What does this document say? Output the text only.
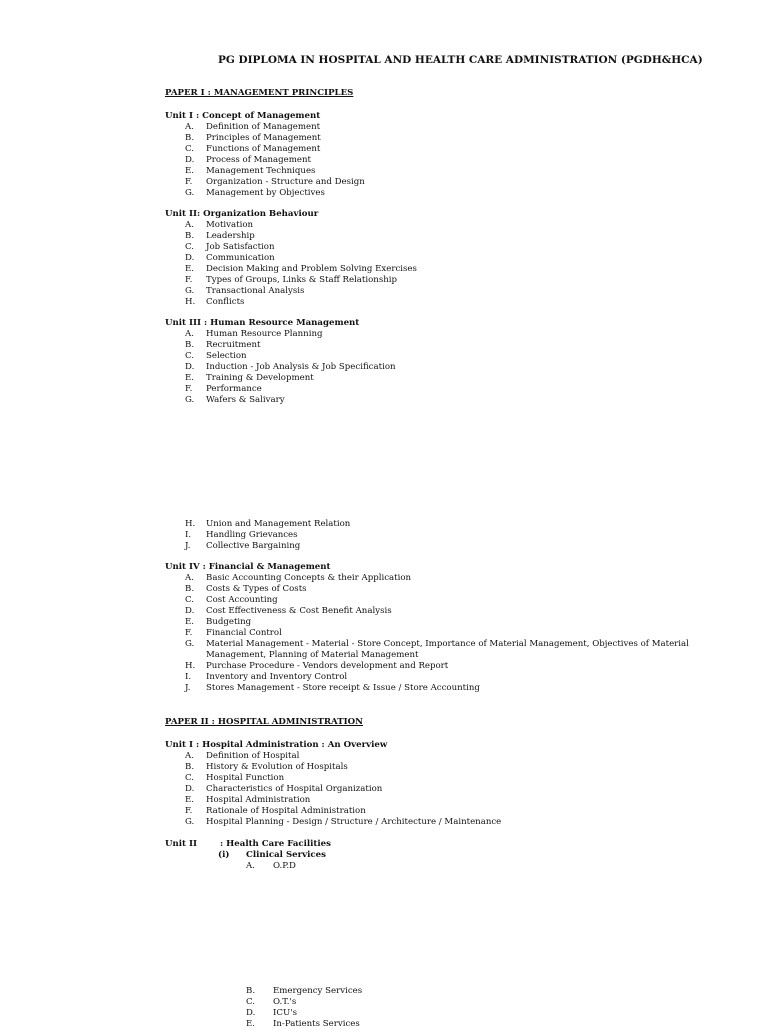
PG DIPLOMA IN HOSPITAL AND HEALTH CARE ADMINISTRATION (PGDH&HCA)
PAPER I : MANAGEMENT PRINCIPLES
Unit I : Concept of Management
A. Definition of Management
B. Principles of Management
C. Functions of Management
D. Process of Management
E. Management Techniques
F. Organization - Structure and Design
G. Management by Objectives
Unit II: Organization Behaviour
A. Motivation
B. Leadership
C. Job Satisfaction
D. Communication
E. Decision Making and Problem Solving Exercises
F. Types of Groups, Links & Staff Relationship
G. Transactional Analysis
H. Conflicts
Unit III : Human Resource Management
A. Human Resource Planning
B. Recruitment
C. Selection
D. Induction - Job Analysis & Job Specification
E. Training & Development
F. Performance
G. Wafers & Salivary
H. Union and Management Relation
I. Handling Grievances
J. Collective Bargaining
Unit IV : Financial & Management
A. Basic Accounting Concepts & their Application
B. Costs & Types of Costs
C. Cost Accounting
D. Cost Effectiveness & Cost Benefit Analysis
E. Budgeting
F. Financial Control
G. Material Management - Material - Store Concept, Importance of Material Management, Objectives of Material Management, Planning of Material Management
H. Purchase Procedure - Vendors development and Report
I. Inventory and Inventory Control
J. Stores Management - Store receipt & Issue / Store Accounting
PAPER II : HOSPITAL ADMINISTRATION
Unit I : Hospital Administration : An Overview
A. Definition of Hospital
B. History & Evolution of Hospitals
C. Hospital Function
D. Characteristics of Hospital Organization
E. Hospital Administration
F. Rationale of Hospital Administration
G. Hospital Planning - Design / Structure / Architecture / Maintenance
Unit II	: Health Care Facilities
(i) Clinical Services
A. O.P.D
B. Emergency Services
C. O.T.'s
D. ICU's
E. In-Patients Services
